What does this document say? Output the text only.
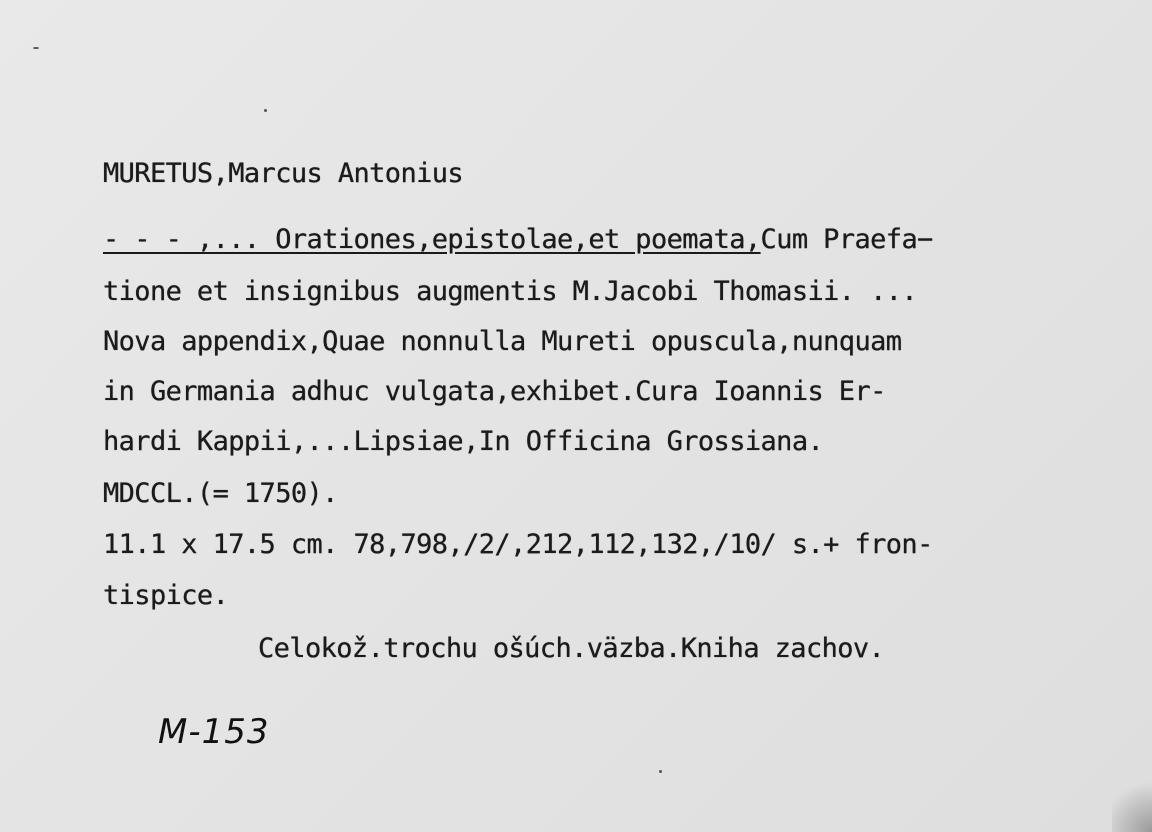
MURETUS,Marcus Antonius
- - - ,... Orationes,epistolae,et poemata,Cum Praefa−
tione et insignibus augmentis M.Jacobi Thomasii. ...
Nova appendix,Quae nonnulla Mureti opuscula,nunquam
in Germania adhuc vulgata,exhibet.Cura Ioannis Er-
hardi Kappii,...Lipsiae,In Officina Grossiana.
MDCCL.(= 1750).
11.1 x 17.5 cm. 78,798,/2/,212,112,132,/10/ s.+ fron-
tispice.
Celokož.trochu ošúch.väzba.Kniha zachov.
M-153
